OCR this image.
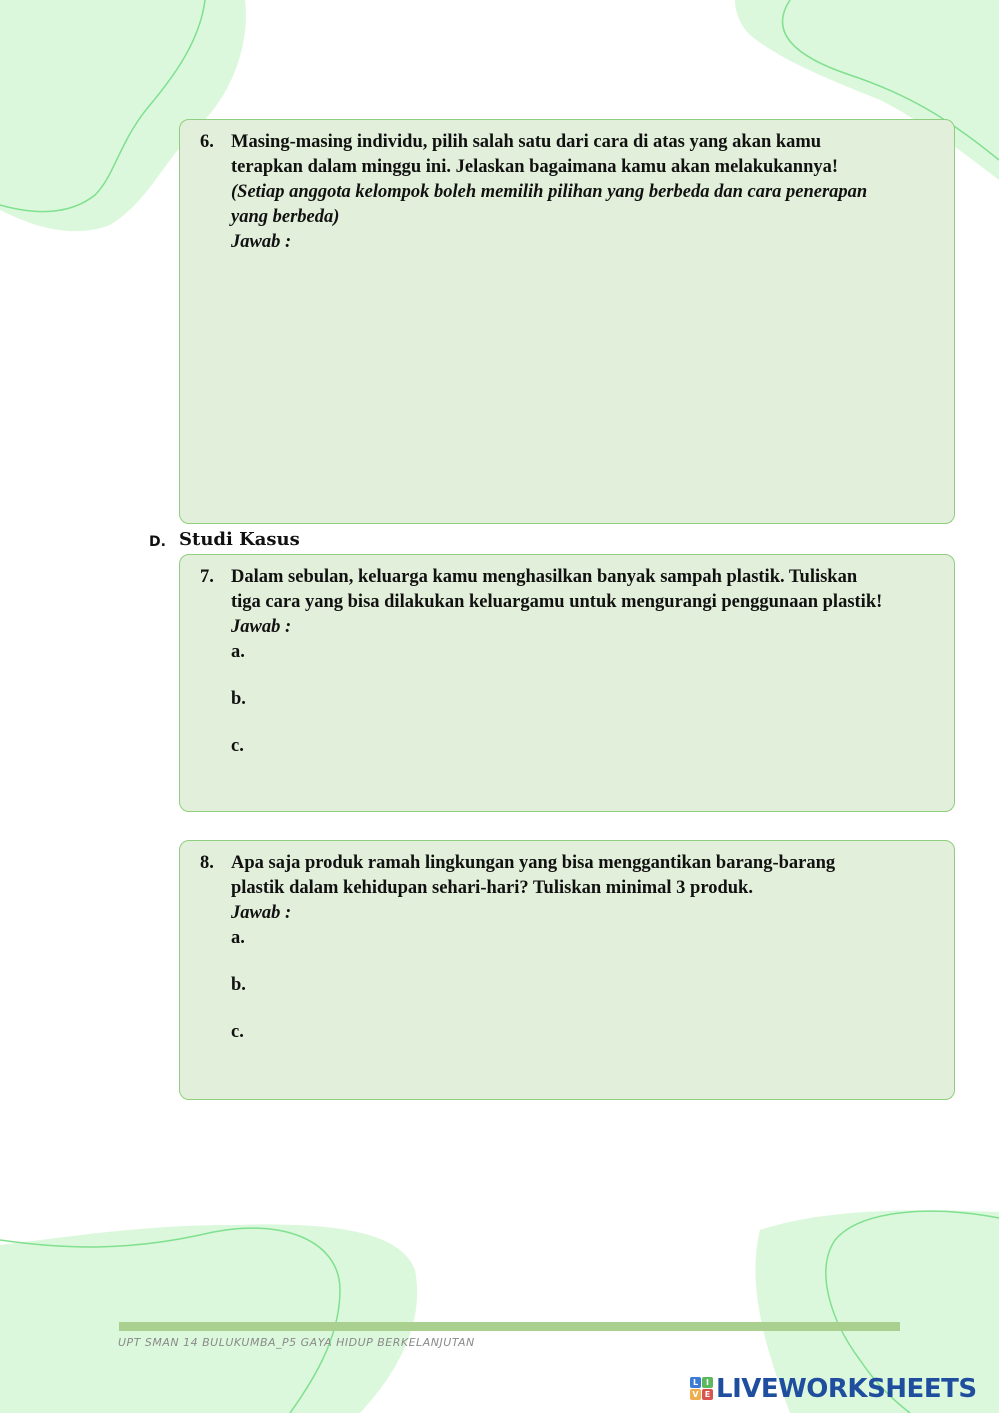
6. Masing-masing individu, pilih salah satu dari cara di atas yang akan kamu
terapkan dalam minggu ini. Jelaskan bagaimana kamu akan melakukannya!
(Setiap anggota kelompok boleh memilih pilihan yang berbeda dan cara penerapan
yang berbeda)
Jawab :
D. Studi Kasus
7. Dalam sebulan, keluarga kamu menghasilkan banyak sampah plastik. Tuliskan
tiga cara yang bisa dilakukan keluargamu untuk mengurangi penggunaan plastik!
Jawab :
a.
b.
c.
8. Apa saja produk ramah lingkungan yang bisa menggantikan barang-barang
plastik dalam kehidupan sehari-hari? Tuliskan minimal 3 produk.
Jawab :
a.
b.
c.
UPT SMAN 14 BULUKUMBA_P5 GAYA HIDUP BERKELANJUTAN
L I
V E LIVEWORKSHEETS
